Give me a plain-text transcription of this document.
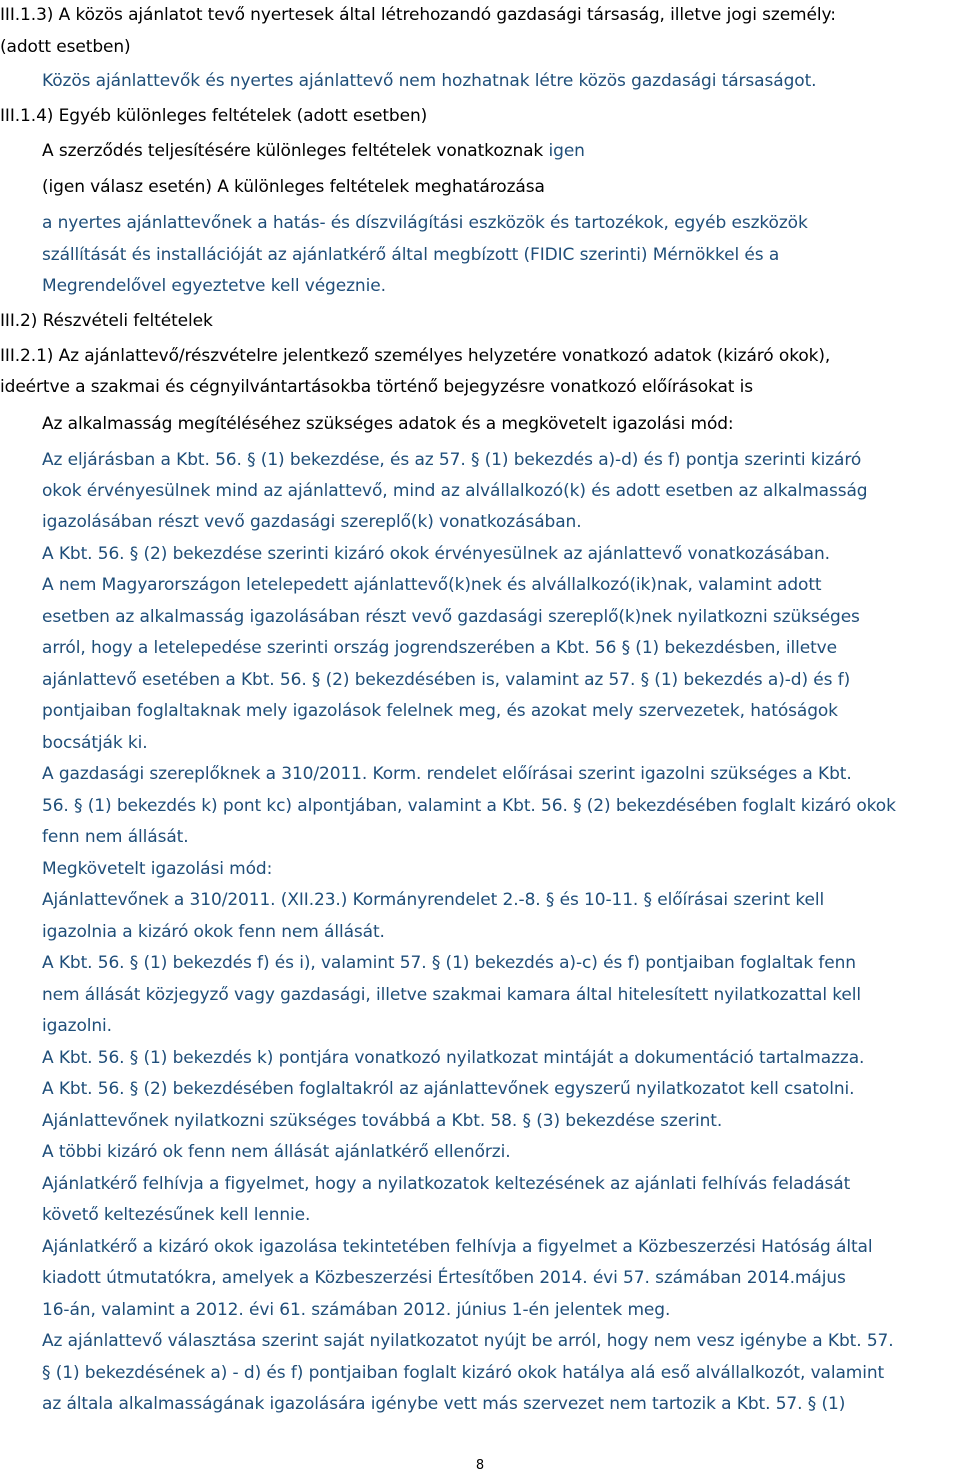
III.1.3) A közös ajánlatot tevő nyertesek által létrehozandó gazdasági társaság, illetve jogi személy:
(adott esetben)
Közös ajánlattevők és nyertes ajánlattevő nem hozhatnak létre közös gazdasági társaságot.
III.1.4) Egyéb különleges feltételek (adott esetben)
A szerződés teljesítésére különleges feltételek vonatkoznak igen
(igen válasz esetén) A különleges feltételek meghatározása
a nyertes ajánlattevőnek a hatás- és díszvilágítási eszközök és tartozékok, egyéb eszközök
szállítását és installációját az ajánlatkérő által megbízott (FIDIC szerinti) Mérnökkel és a
Megrendelővel egyeztetve kell végeznie.
III.2) Részvételi feltételek
III.2.1) Az ajánlattevő/részvételre jelentkező személyes helyzetére vonatkozó adatok (kizáró okok),
ideértve a szakmai és cégnyilvántartásokba történő bejegyzésre vonatkozó előírásokat is
Az alkalmasság megítéléséhez szükséges adatok és a megkövetelt igazolási mód:
Az eljárásban a Kbt. 56. § (1) bekezdése, és az 57. § (1) bekezdés a)-d) és f) pontja szerinti kizáró
okok érvényesülnek mind az ajánlattevő, mind az alvállalkozó(k) és adott esetben az alkalmasság
igazolásában részt vevő gazdasági szereplő(k) vonatkozásában.
A Kbt. 56. § (2) bekezdése szerinti kizáró okok érvényesülnek az ajánlattevő vonatkozásában.
A nem Magyarországon letelepedett ajánlattevő(k)nek és alvállalkozó(ik)nak, valamint adott
esetben az alkalmasság igazolásában részt vevő gazdasági szereplő(k)nek nyilatkozni szükséges
arról, hogy a letelepedése szerinti ország jogrendszerében a Kbt. 56 § (1) bekezdésben, illetve
ajánlattevő esetében a Kbt. 56. § (2) bekezdésében is, valamint az 57. § (1) bekezdés a)-d) és f)
pontjaiban foglaltaknak mely igazolások felelnek meg, és azokat mely szervezetek, hatóságok
bocsátják ki.
A gazdasági szereplőknek a 310/2011. Korm. rendelet előírásai szerint igazolni szükséges a Kbt.
56. § (1) bekezdés k) pont kc) alpontjában, valamint a Kbt. 56. § (2) bekezdésében foglalt kizáró okok
fenn nem állását.
Megkövetelt igazolási mód:
Ajánlattevőnek a 310/2011. (XII.23.) Kormányrendelet 2.-8. § és 10-11. § előírásai szerint kell
igazolnia a kizáró okok fenn nem állását.
A Kbt. 56. § (1) bekezdés f) és i), valamint 57. § (1) bekezdés a)-c) és f) pontjaiban foglaltak fenn
nem állását közjegyző vagy gazdasági, illetve szakmai kamara által hitelesített nyilatkozattal kell
igazolni.
A Kbt. 56. § (1) bekezdés k) pontjára vonatkozó nyilatkozat mintáját a dokumentáció tartalmazza.
A Kbt. 56. § (2) bekezdésében foglaltakról az ajánlattevőnek egyszerű nyilatkozatot kell csatolni.
Ajánlattevőnek nyilatkozni szükséges továbbá a Kbt. 58. § (3) bekezdése szerint.
A többi kizáró ok fenn nem állását ajánlatkérő ellenőrzi.
Ajánlatkérő felhívja a figyelmet, hogy a nyilatkozatok keltezésének az ajánlati felhívás feladását
követő keltezésűnek kell lennie.
Ajánlatkérő a kizáró okok igazolása tekintetében felhívja a figyelmet a Közbeszerzési Hatóság által
kiadott útmutatókra, amelyek a Közbeszerzési Értesítőben 2014. évi 57. számában 2014.május
16-án, valamint a 2012. évi 61. számában 2012. június 1-én jelentek meg.
Az ajánlattevő választása szerint saját nyilatkozatot nyújt be arról, hogy nem vesz igénybe a Kbt. 57.
§ (1) bekezdésének a) - d) és f) pontjaiban foglalt kizáró okok hatálya alá eső alvállalkozót, valamint
az általa alkalmasságának igazolására igénybe vett más szervezet nem tartozik a Kbt. 57. § (1)
8
